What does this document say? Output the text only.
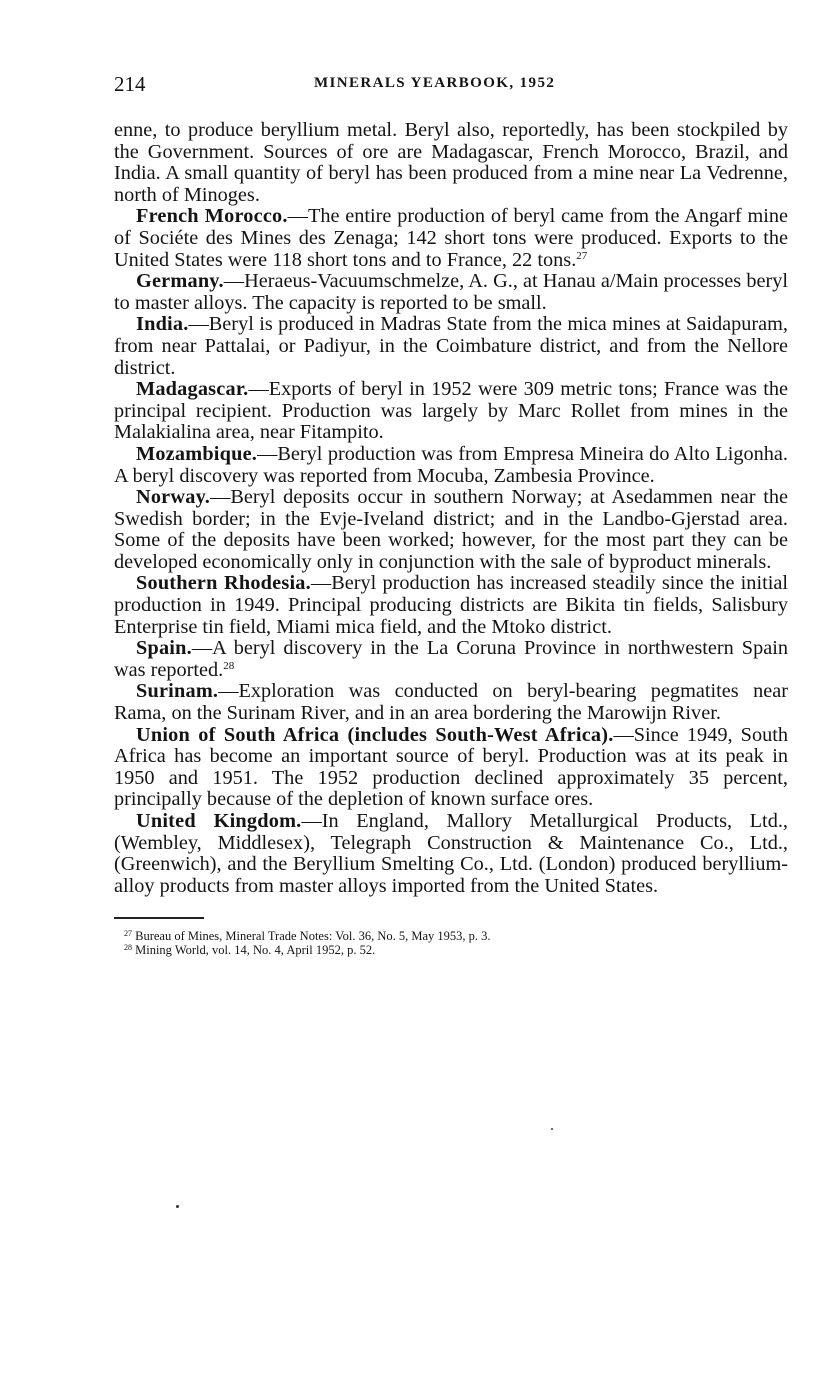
214	MINERALS YEARBOOK, 1952

enne, to produce beryllium metal. Beryl also, reportedly, has been stockpiled by the Government. Sources of ore are Madagascar, French Morocco, Brazil, and India. A small quantity of beryl has been produced from a mine near La Vedrenne, north of Minoges.

French Morocco.—The entire production of beryl came from the Angarf mine of Sociéte des Mines des Zenaga; 142 short tons were produced. Exports to the United States were 118 short tons and to France, 22 tons.$^{27}$

Germany.—Heraeus-Vacuumschmelze, A. G., at Hanau a/Main processes beryl to master alloys. The capacity is reported to be small.

India.—Beryl is produced in Madras State from the mica mines at Saidapuram, from near Pattalai, or Padiyur, in the Coimbature district, and from the Nellore district.

Madagascar.—Exports of beryl in 1952 were 309 metric tons; France was the principal recipient. Production was largely by Marc Rollet from mines in the Malakialina area, near Fitampito.

Mozambique.—Beryl production was from Empresa Mineira do Alto Ligonha. A beryl discovery was reported from Mocuba, Zambesia Province.

Norway.—Beryl deposits occur in southern Norway; at Asedammen near the Swedish border; in the Evje-Iveland district; and in the Landbo-Gjerstad area. Some of the deposits have been worked; however, for the most part they can be developed economically only in conjunction with the sale of byproduct minerals.

Southern Rhodesia.—Beryl production has increased steadily since the initial production in 1949. Principal producing districts are Bikita tin fields, Salisbury Enterprise tin field, Miami mica field, and the Mtoko district.

Spain.—A beryl discovery in the La Coruna Province in northwestern Spain was reported.$^{28}$

Surinam.—Exploration was conducted on beryl-bearing pegmatites near Rama, on the Surinam River, and in an area bordering the Marowijn River.

Union of South Africa (includes South-West Africa).—Since 1949, South Africa has become an important source of beryl. Production was at its peak in 1950 and 1951. The 1952 production declined approximately 35 percent, principally because of the depletion of known surface ores.

United Kingdom.—In England, Mallory Metallurgical Products, Ltd., (Wembley, Middlesex), Telegraph Construction & Maintenance Co., Ltd., (Greenwich), and the Beryllium Smelting Co., Ltd. (London) produced beryllium-alloy products from master alloys imported from the United States.

$^{27}$ Bureau of Mines, Mineral Trade Notes: Vol. 36, No. 5, May 1953, p. 3.
$^{28}$ Mining World, vol. 14, No. 4, April 1952, p. 52.
